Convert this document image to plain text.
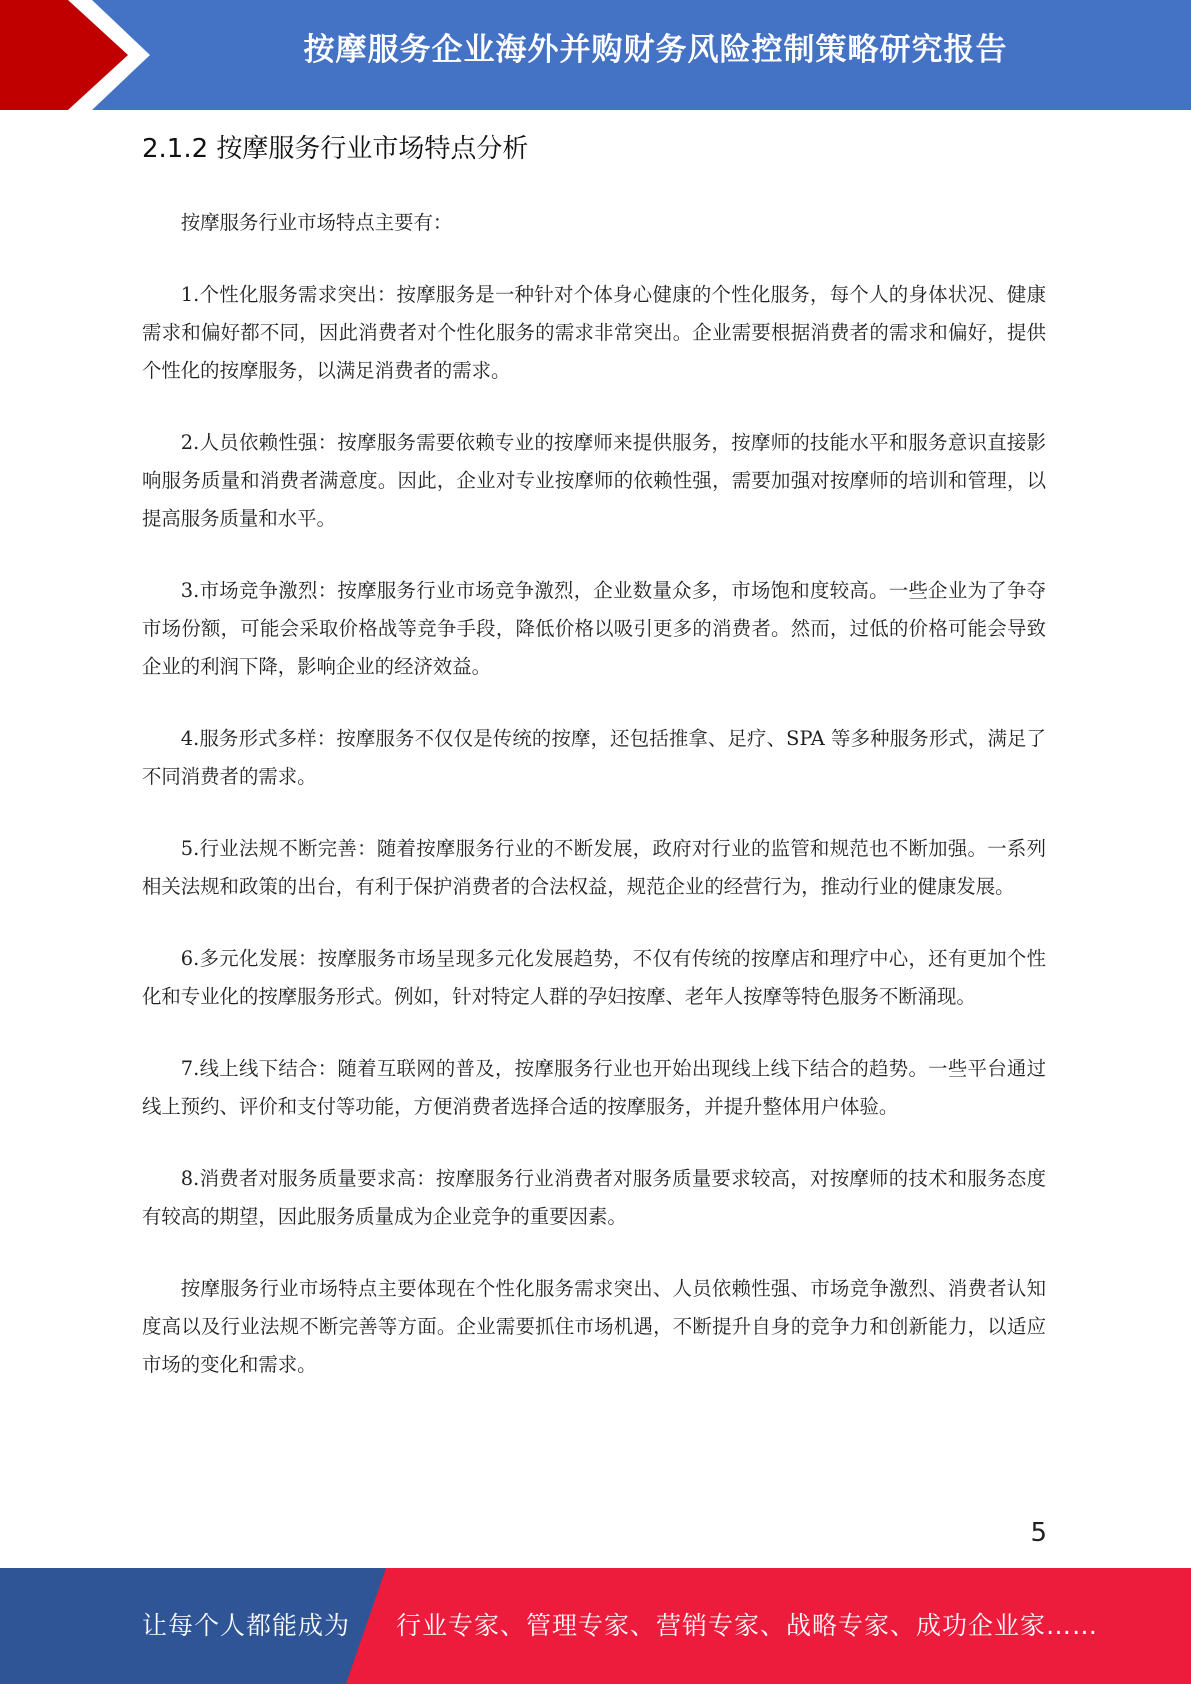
按摩服务企业海外并购财务风险控制策略研究报告
2.1.2 按摩服务行业市场特点分析

按摩服务行业市场特点主要有：

1.个性化服务需求突出：按摩服务是一种针对个体身心健康的个性化服务，每个人的身体状况、健康需求和偏好都不同，因此消费者对个性化服务的需求非常突出。企业需要根据消费者的需求和偏好，提供个性化的按摩服务，以满足消费者的需求。

2.人员依赖性强：按摩服务需要依赖专业的按摩师来提供服务，按摩师的技能水平和服务意识直接影响服务质量和消费者满意度。因此，企业对专业按摩师的依赖性强，需要加强对按摩师的培训和管理，以提高服务质量和水平。

3.市场竞争激烈：按摩服务行业市场竞争激烈，企业数量众多，市场饱和度较高。一些企业为了争夺市场份额，可能会采取价格战等竞争手段，降低价格以吸引更多的消费者。然而，过低的价格可能会导致企业的利润下降，影响企业的经济效益。

4.服务形式多样：按摩服务不仅仅是传统的按摩，还包括推拿、足疗、SPA 等多种服务形式，满足了不同消费者的需求。

5.行业法规不断完善：随着按摩服务行业的不断发展，政府对行业的监管和规范也不断加强。一系列相关法规和政策的出台，有利于保护消费者的合法权益，规范企业的经营行为，推动行业的健康发展。

6.多元化发展：按摩服务市场呈现多元化发展趋势，不仅有传统的按摩店和理疗中心，还有更加个性化和专业化的按摩服务形式。例如，针对特定人群的孕妇按摩、老年人按摩等特色服务不断涌现。

7.线上线下结合：随着互联网的普及，按摩服务行业也开始出现线上线下结合的趋势。一些平台通过线上预约、评价和支付等功能，方便消费者选择合适的按摩服务，并提升整体用户体验。

8.消费者对服务质量要求高：按摩服务行业消费者对服务质量要求较高，对按摩师的技术和服务态度有较高的期望，因此服务质量成为企业竞争的重要因素。

按摩服务行业市场特点主要体现在个性化服务需求突出、人员依赖性强、市场竞争激烈、消费者认知度高以及行业法规不断完善等方面。企业需要抓住市场机遇，不断提升自身的竞争力和创新能力，以适应市场的变化和需求。

5
让每个人都能成为 行业专家、管理专家、营销专家、战略专家、成功企业家……
